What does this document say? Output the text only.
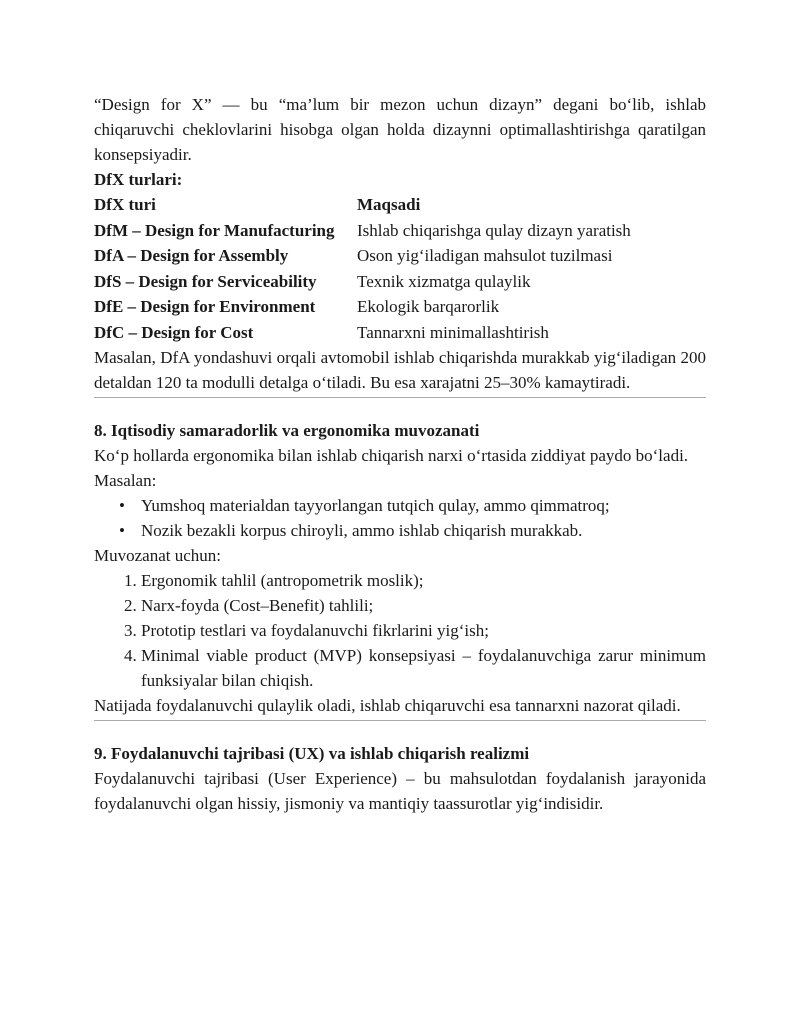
“Design for X” — bu “ma’lum bir mezon uchun dizayn” degani bo‘lib, ishlab chiqaruvchi cheklovlarini hisobga olgan holda dizaynni optimallashtirishga qaratilgan konsepsiyadir.

DfX turlari:

DfX turi	Maqsadi
DfM – Design for Manufacturing	Ishlab chiqarishga qulay dizayn yaratish
DfA – Design for Assembly	Oson yig‘iladigan mahsulot tuzilmasi
DfS – Design for Serviceability	Texnik xizmatga qulaylik
DfE – Design for Environment	Ekologik barqarorlik
DfC – Design for Cost	Tannarxni minimallashtirish

Masalan, DfA yondashuvi orqali avtomobil ishlab chiqarishda murakkab yig‘iladigan 200 detaldan 120 ta modulli detalga o‘tiladi. Bu esa xarajatni 25–30% kamaytiradi.

8. Iqtisodiy samaradorlik va ergonomika muvozanati

Ko‘p hollarda ergonomika bilan ishlab chiqarish narxi o‘rtasida ziddiyat paydo bo‘ladi.

Masalan:

• Yumshoq materialdan tayyorlangan tutqich qulay, ammo qimmatroq;
• Nozik bezakli korpus chiroyli, ammo ishlab chiqarish murakkab.

Muvozanat uchun:

1. Ergonomik tahlil (antropometrik moslik);

2. Narx-foyda (Cost–Benefit) tahlili;

3. Prototip testlari va foydalanuvchi fikrlarini yig‘ish;

4. Minimal viable product (MVP) konsepsiyasi – foydalanuvchiga zarur minimum funksiyalar bilan chiqish.

Natijada foydalanuvchi qulaylik oladi, ishlab chiqaruvchi esa tannarxni nazorat qiladi.

9. Foydalanuvchi tajribasi (UX) va ishlab chiqarish realizmi

Foydalanuvchi tajribasi (User Experience) – bu mahsulotdan foydalanish jarayonida foydalanuvchi olgan hissiy, jismoniy va mantiqiy taassurotlar yig‘indisidir.
